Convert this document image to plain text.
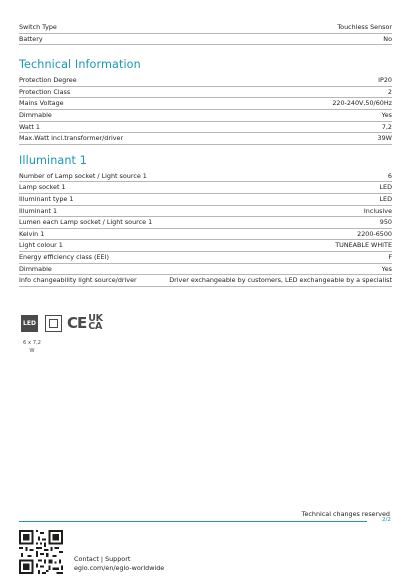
Switch Type	Touchless Sensor
Battery	No
Technical Information
Protection Degree	IP20
Protection Class	2
Mains Voltage	220-240V,50/60Hz
Dimmable	Yes
Watt 1	7,2
Max.Watt incl.transformer/driver	39W
Illuminant 1
Number of Lamp socket / Light source 1	6
Lamp socket 1	LED
Illuminant type 1	LED
Illuminant 1	Inclusive
Lumen each Lamp socket / Light source 1	950
Kelvin 1	2200-6500
Light colour 1	TUNEABLE WHITE
Energy efficiency class (EEI)	F
Dimmable	Yes
Info changeability light source/driver	Driver exchangeable by customers, LED exchangeable by a specialist
LED CE UK
CA
6 x 7,2
W
Technical changes reserved
2/2
Contact | Support
eglo.com/en/eglo-worldwide
